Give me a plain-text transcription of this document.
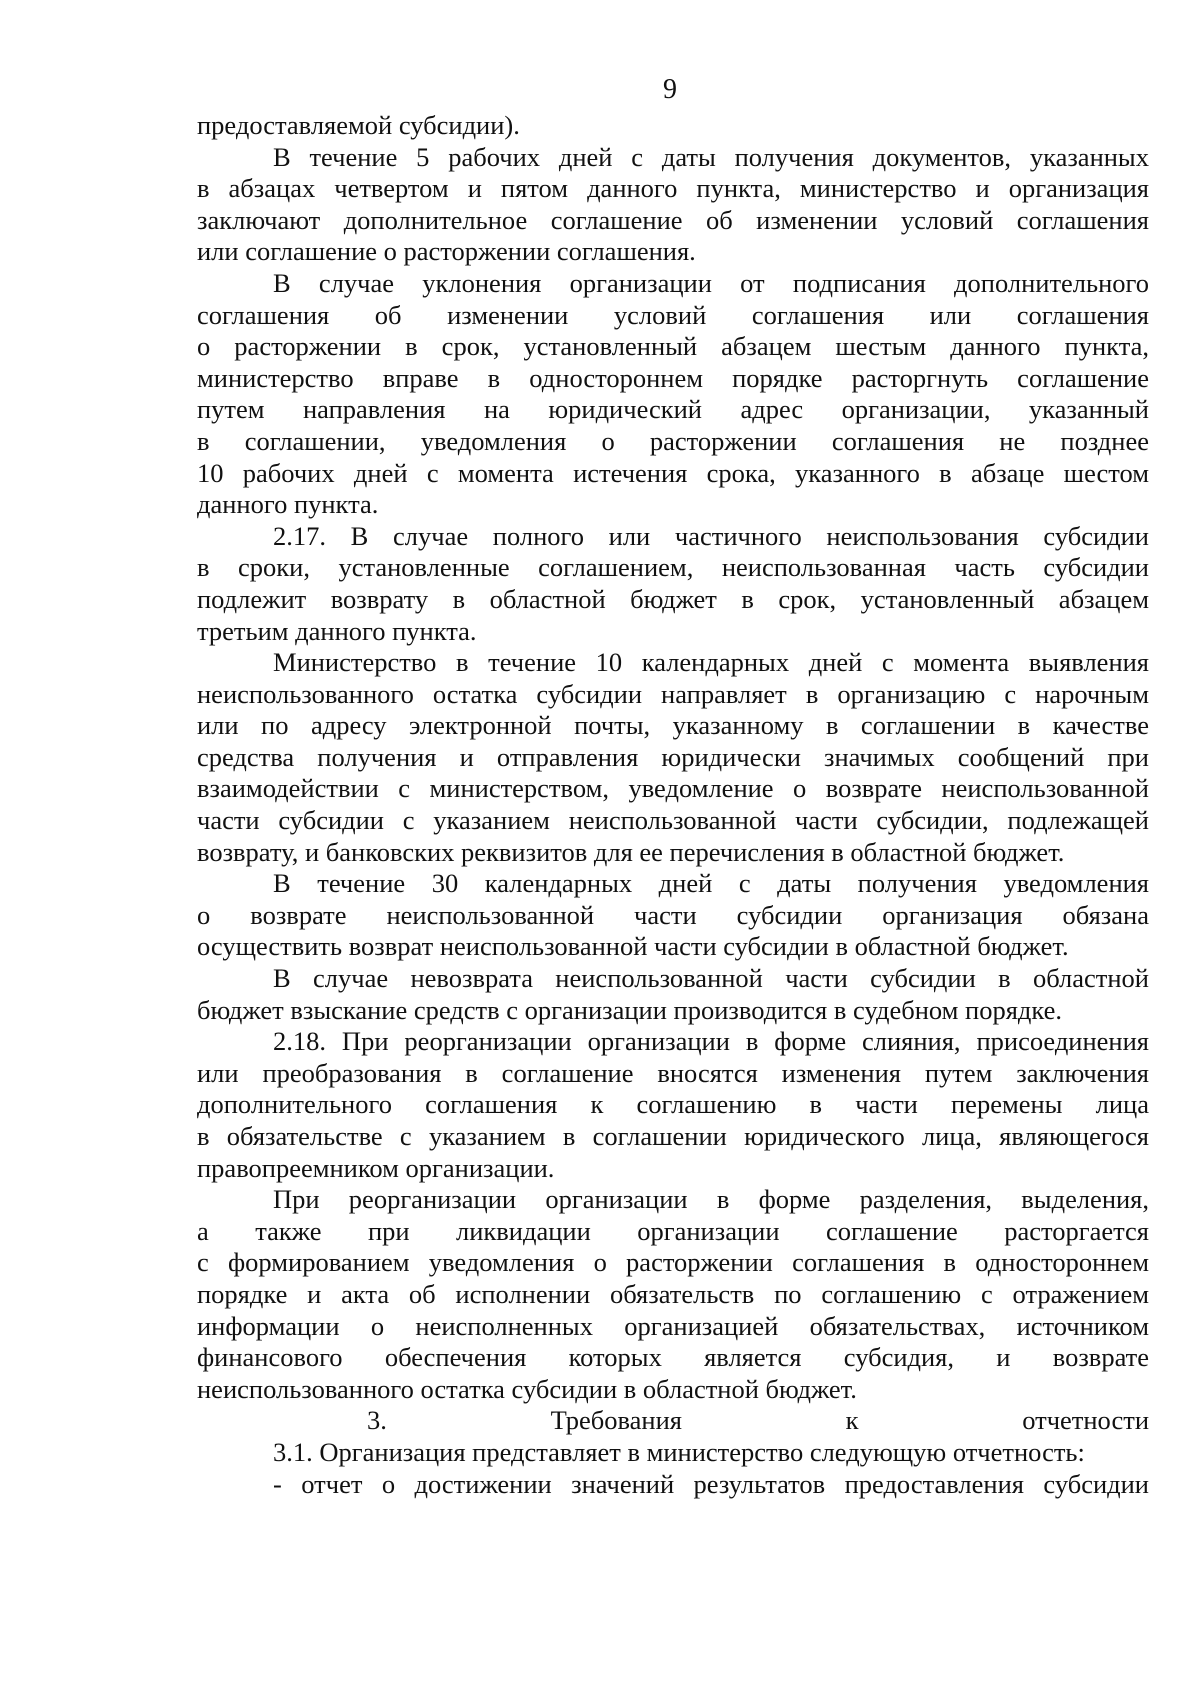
9

предоставляемой субсидии).

В течение 5 рабочих дней с даты получения документов, указанных
в абзацах четвертом и пятом данного пункта, министерство и организация
заключают дополнительное соглашение об изменении условий соглашения
или соглашение о расторжении соглашения.

В случае уклонения организации от подписания дополнительного
соглашения об изменении условий соглашения или соглашения
о расторжении в срок, установленный абзацем шестым данного пункта,
министерство вправе в одностороннем порядке расторгнуть соглашение
путем направления на юридический адрес организации, указанный
в соглашении, уведомления о расторжении соглашения не позднее
10 рабочих дней с момента истечения срока, указанного в абзаце шестом
данного пункта.

2.17. В случае полного или частичного неиспользования субсидии
в сроки, установленные соглашением, неиспользованная часть субсидии
подлежит возврату в областной бюджет в срок, установленный абзацем
третьим данного пункта.

Министерство в течение 10 календарных дней с момента выявления
неиспользованного остатка субсидии направляет в организацию с нарочным
или по адресу электронной почты, указанному в соглашении в качестве
средства получения и отправления юридически значимых сообщений при
взаимодействии с министерством, уведомление о возврате неиспользованной
части субсидии с указанием неиспользованной части субсидии, подлежащей
возврату, и банковских реквизитов для ее перечисления в областной бюджет.

В течение 30 календарных дней с даты получения уведомления
о возврате неиспользованной части субсидии организация обязана
осуществить возврат неиспользованной части субсидии в областной бюджет.

В случае невозврата неиспользованной части субсидии в областной
бюджет взыскание средств с организации производится в судебном порядке.

2.18. При реорганизации организации в форме слияния, присоединения
или преобразования в соглашение вносятся изменения путем заключения
дополнительного соглашения к соглашению в части перемены лица
в обязательстве с указанием в соглашении юридического лица, являющегося
правопреемником организации.

При реорганизации организации в форме разделения, выделения,
а также при ликвидации организации соглашение расторгается
с формированием уведомления о расторжении соглашения в одностороннем
порядке и акта об исполнении обязательств по соглашению с отражением
информации о неисполненных организацией обязательствах, источником
финансового обеспечения которых является субсидия, и возврате
неиспользованного остатка субсидии в областной бюджет.

3. Требования к отчетности

3.1. Организация представляет в министерство следующую отчетность:

- отчет о достижении значений результатов предоставления субсидии
